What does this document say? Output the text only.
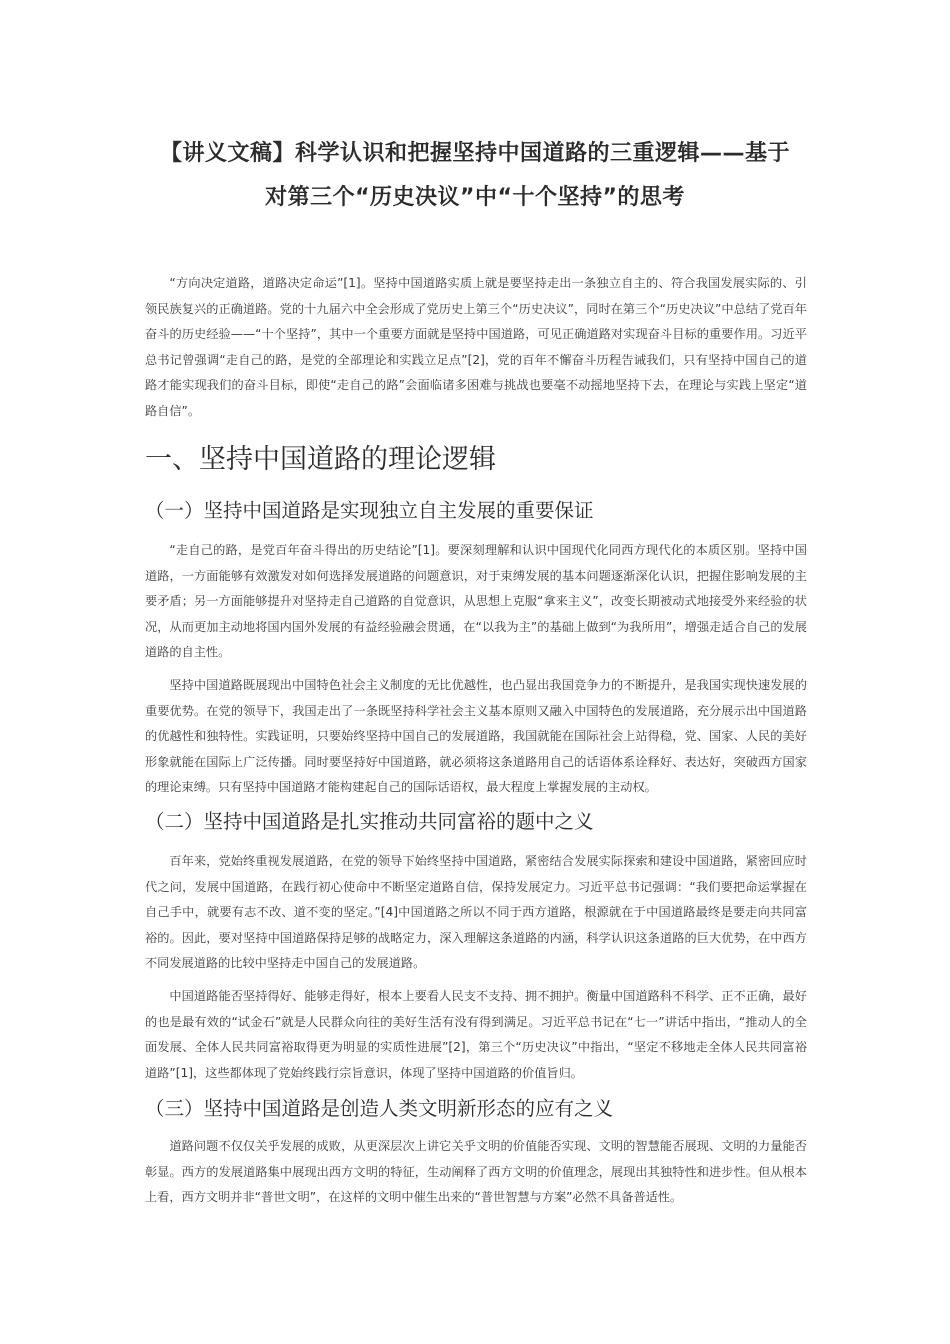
【讲义文稿】科学认识和把握坚持中国道路的三重逻辑——基于
对第三个“历史决议”中“十个坚持”的思考

“方向决定道路，道路决定命运”[1]。坚持中国道路实质上就是要坚持走出一条独立自主的、符合我国发展实际的、引领民族复兴的正确道路。党的十九届六中全会形成了党历史上第三个“历史决议”，同时在第三个“历史决议”中总结了党百年奋斗的历史经验——“十个坚持”，其中一个重要方面就是坚持中国道路，可见正确道路对实现奋斗目标的重要作用。习近平总书记曾强调“走自己的路，是党的全部理论和实践立足点”[2]，党的百年不懈奋斗历程告诫我们，只有坚持中国自己的道路才能实现我们的奋斗目标，即使“走自己的路”会面临诸多困难与挑战也要毫不动摇地坚持下去，在理论与实践上坚定“道路自信”。

一、坚持中国道路的理论逻辑
（一）坚持中国道路是实现独立自主发展的重要保证

“走自己的路，是党百年奋斗得出的历史结论”[1]。要深刻理解和认识中国现代化同西方现代化的本质区别。坚持中国道路，一方面能够有效激发对如何选择发展道路的问题意识，对于束缚发展的基本问题逐渐深化认识，把握住影响发展的主要矛盾；另一方面能够提升对坚持走自己道路的自觉意识，从思想上克服“拿来主义”，改变长期被动式地接受外来经验的状况，从而更加主动地将国内国外发展的有益经验融会贯通，在“以我为主”的基础上做到“为我所用”，增强走适合自己的发展道路的自主性。

坚持中国道路既展现出中国特色社会主义制度的无比优越性，也凸显出我国竞争力的不断提升，是我国实现快速发展的重要优势。在党的领导下，我国走出了一条既坚持科学社会主义基本原则又融入中国特色的发展道路，充分展示出中国道路的优越性和独特性。实践证明，只要始终坚持中国自己的发展道路，我国就能在国际社会上站得稳，党、国家、人民的美好形象就能在国际上广泛传播。同时要坚持好中国道路，就必须将这条道路用自己的话语体系诠释好、表达好，突破西方国家的理论束缚。只有坚持中国道路才能构建起自己的国际话语权，最大程度上掌握发展的主动权。

（二）坚持中国道路是扎实推动共同富裕的题中之义

百年来，党始终重视发展道路，在党的领导下始终坚持中国道路，紧密结合发展实际探索和建设中国道路，紧密回应时代之问，发展中国道路，在践行初心使命中不断坚定道路自信，保持发展定力。习近平总书记强调：“我们要把命运掌握在自己手中，就要有志不改、道不变的坚定。”[4]中国道路之所以不同于西方道路，根源就在于中国道路最终是要走向共同富裕的。因此，要对坚持中国道路保持足够的战略定力，深入理解这条道路的内涵，科学认识这条道路的巨大优势，在中西方不同发展道路的比较中坚持走中国自己的发展道路。

中国道路能否坚持得好、能够走得好，根本上要看人民支不支持、拥不拥护。衡量中国道路科不科学、正不正确，最好的也是最有效的“试金石”就是人民群众向往的美好生活有没有得到满足。习近平总书记在“七一”讲话中指出，“推动人的全面发展、全体人民共同富裕取得更为明显的实质性进展”[2]，第三个“历史决议”中指出，“坚定不移地走全体人民共同富裕道路”[1]，这些都体现了党始终践行宗旨意识，体现了坚持中国道路的价值旨归。

（三）坚持中国道路是创造人类文明新形态的应有之义

道路问题不仅仅关乎发展的成败，从更深层次上讲它关乎文明的价值能否实现、文明的智慧能否展现、文明的力量能否彰显。西方的发展道路集中展现出西方文明的特征，生动阐释了西方文明的价值理念，展现出其独特性和进步性。但从根本上看，西方文明并非“普世文明”，在这样的文明中催生出来的“普世智慧与方案”必然不具备普适性。
